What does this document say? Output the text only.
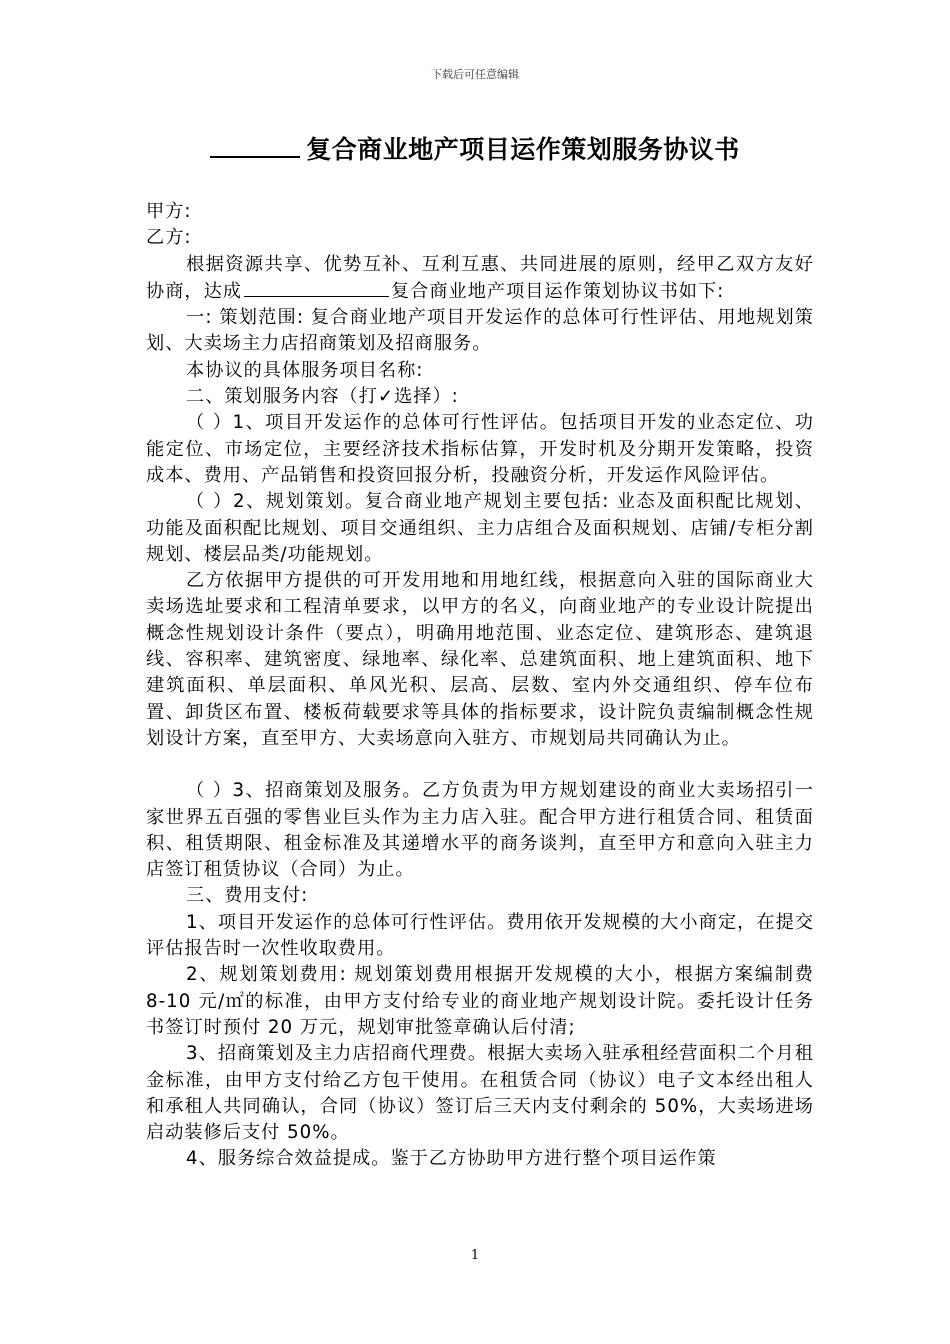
下载后可任意编辑
复合商业地产项目运作策划服务协议书

甲方:

乙方:

根据资源共享、优势互补、互利互惠、共同进展的原则，经甲乙双方友好协商，达成	复合商业地产项目运作策划协议书如下:

一: 策划范围: 复合商业地产项目开发运作的总体可行性评估、用地规划策划、大卖场主力店招商策划及招商服务。

本协议的具体服务项目名称:

二、策划服务内容（打✓选择）:

（ ）1、项目开发运作的总体可行性评估。包括项目开发的业态定位、功能定位、市场定位，主要经济技术指标估算，开发时机及分期开发策略，投资成本、费用、产品销售和投资回报分析，投融资分析，开发运作风险评估。

（ ）2、规划策划。复合商业地产规划主要包括: 业态及面积配比规划、功能及面积配比规划、项目交通组织、主力店组合及面积规划、店铺/专柜分割规划、楼层品类/功能规划。

乙方依据甲方提供的可开发用地和用地红线，根据意向入驻的国际商业大卖场选址要求和工程清单要求，以甲方的名义，向商业地产的专业设计院提出概念性规划设计条件（要点），明确用地范围、业态定位、建筑形态、建筑退线、容积率、建筑密度、绿地率、绿化率、总建筑面积、地上建筑面积、地下建筑面积、单层面积、单风光积、层高、层数、室内外交通组织、停车位布置、卸货区布置、楼板荷载要求等具体的指标要求，设计院负责编制概念性规划设计方案，直至甲方、大卖场意向入驻方、市规划局共同确认为止。

（ ）3、招商策划及服务。乙方负责为甲方规划建设的商业大卖场招引一家世界五百强的零售业巨头作为主力店入驻。配合甲方进行租赁合同、租赁面积、租赁期限、租金标准及其递增水平的商务谈判，直至甲方和意向入驻主力店签订租赁协议（合同）为止。

三、费用支付:

1、项目开发运作的总体可行性评估。费用依开发规模的大小商定，在提交评估报告时一次性收取费用。

2、规划策划费用: 规划策划费用根据开发规模的大小，根据方案编制费 8-10 元/㎡的标准，由甲方支付给专业的商业地产规划设计院。委托设计任务书签订时预付 20 万元，规划审批签章确认后付清;

3、招商策划及主力店招商代理费。根据大卖场入驻承租经营面积二个月租金标准，由甲方支付给乙方包干使用。在租赁合同（协议）电子文本经出租人和承租人共同确认，合同（协议）签订后三天内支付剩余的 50%，大卖场进场启动装修后支付 50%。

4、服务综合效益提成。鉴于乙方协助甲方进行整个项目运作策

1
